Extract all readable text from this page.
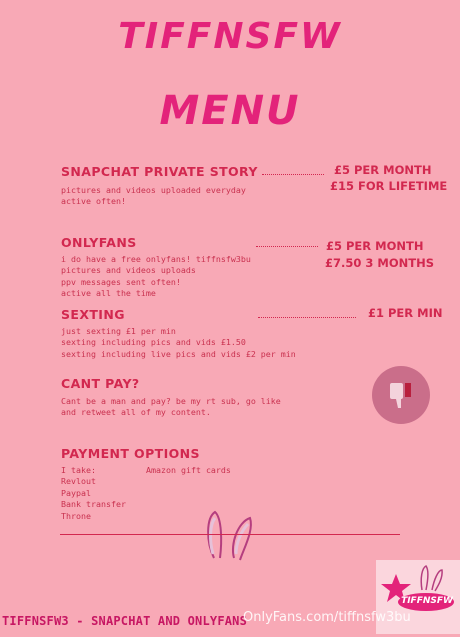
TIFFNSFW
MENU
SNAPCHAT PRIVATE STORY	£5 PER MONTH
£15 FOR LIFETIME
pictures and videos uploaded everyday
active often!
ONLYFANS	£5 PER MONTH
£7.50 3 MONTHS
i do have a free onlyfans! tiffnsfw3bu
pictures and videos uploads
ppv messages sent often!
active all the time
SEXTING	£1 PER MIN
just sexting £1 per min
sexting including pics and vids £1.50
sexting including live pics and vids £2 per min
CANT PAY?
Cant be a man and pay? be my rt sub, go like
and retweet all of my content.
PAYMENT OPTIONS
I take:
Revlout
Paypal
Bank transfer
Throne
Amazon gift cards
TIFFNSFW
TIFFNSFW3 - SNAPCHAT AND ONLYFANS
OnlyFans.com/tiffnsfw3bu
